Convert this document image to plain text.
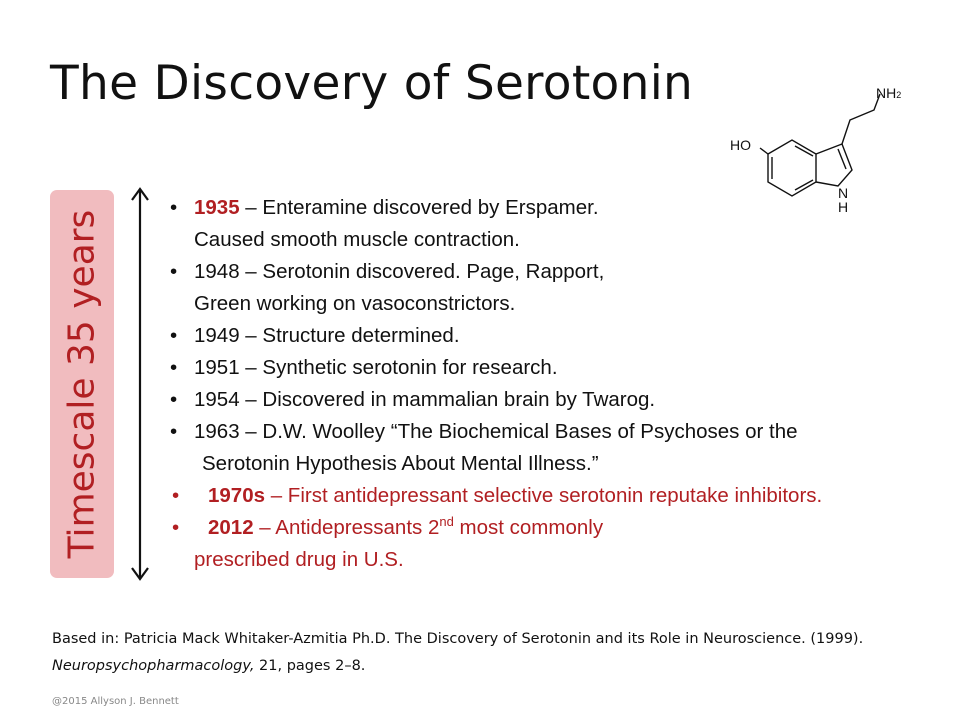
The Discovery of Serotonin
HO
NH2
N
H
Timescale 35 years
• 1935 – Enteramine discovered by Erspamer.
Caused smooth muscle contraction.
• 1948 – Serotonin discovered. Page, Rapport,
Green working on vasoconstrictors.
• 1949 – Structure determined.
• 1951 – Synthetic serotonin for research.
• 1954 – Discovered in mammalian brain by Twarog.
• 1963 – D.W. Woolley “The Biochemical Bases of Psychoses or the
Serotonin Hypothesis About Mental Illness.”
• 1970s – First antidepressant selective serotonin reputake inhibitors.
• 2012 – Antidepressants 2nd most commonly
prescribed drug in U.S.

Based in: Patricia Mack Whitaker-Azmitia Ph.D. The Discovery of Serotonin and its Role in Neuroscience. (1999). Neuropsychopharmacology, 21, pages 2–8.

@2015 Allyson J. Bennett
